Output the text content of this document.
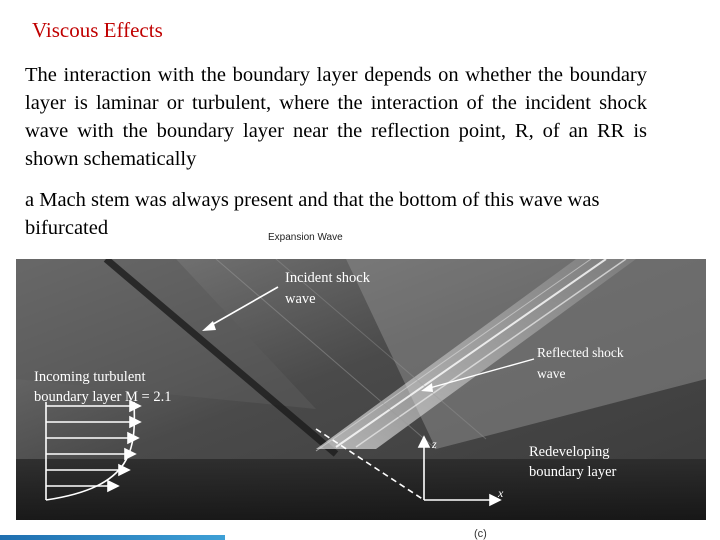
Viscous Effects

The interaction with the boundary layer depends on whether the boundary layer is laminar or turbulent, where the interaction of the incident shock wave with the boundary layer near the reflection point, R, of an RR is shown schematically

a Mach stem was always present and that the bottom of this wave was bifurcated	Expansion Wave
Incident shock
wave
Reflected shock
wave
Incoming turbulent
boundary layer M = 2.1
Redeveloping
boundary layer
z
x
(c)
